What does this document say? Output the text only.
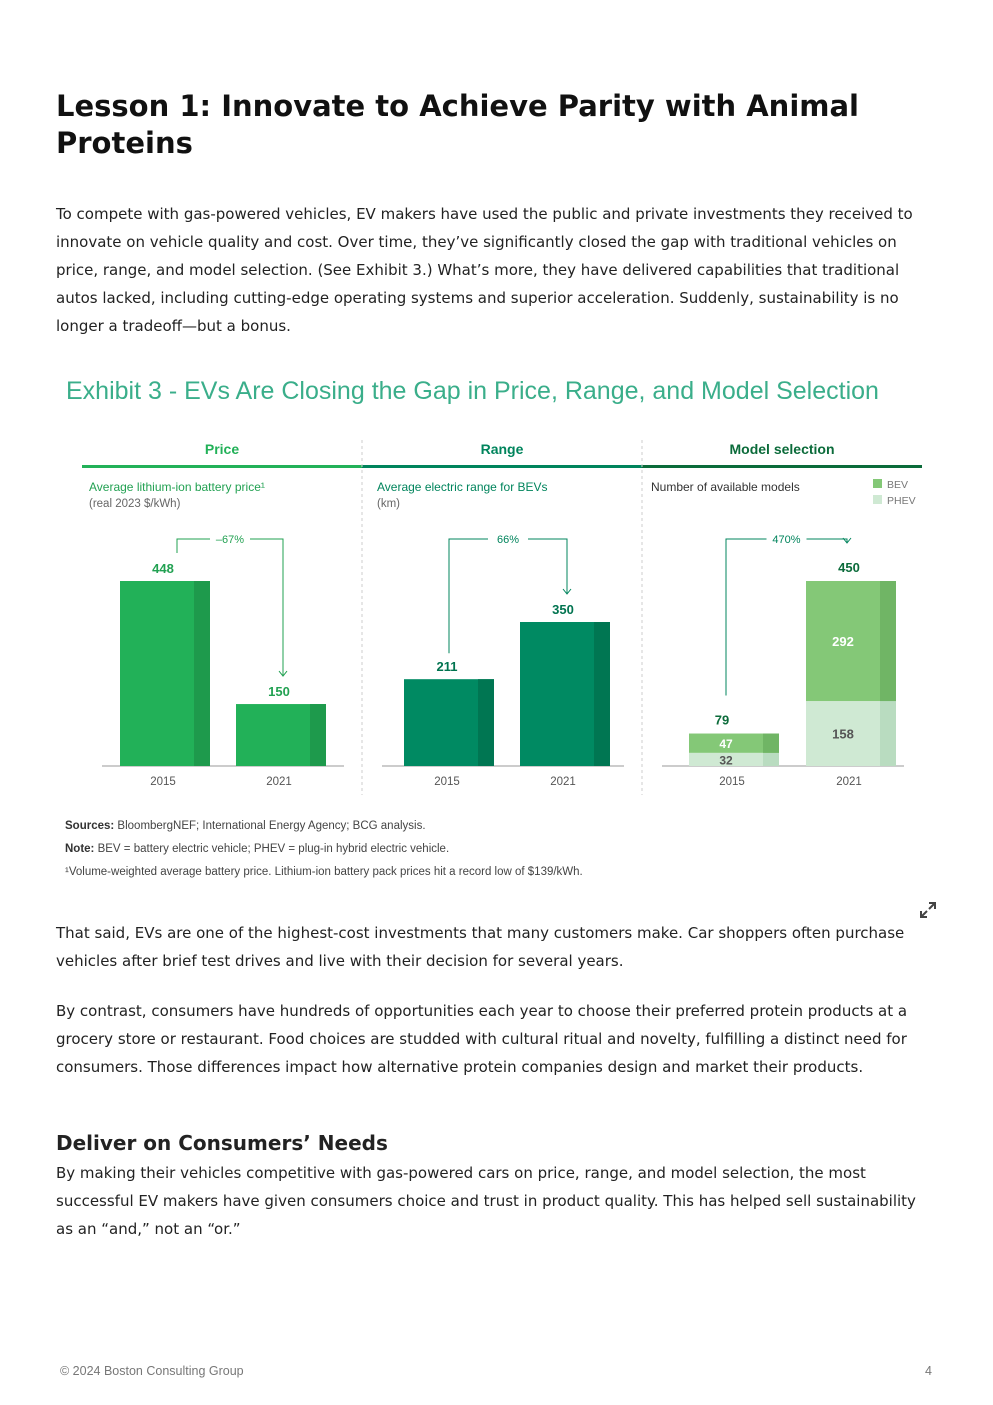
Lesson 1: Innovate to Achieve Parity with Animal Proteins

To compete with gas-powered vehicles, EV makers have used the public and private investments they received to innovate on vehicle quality and cost. Over time, they’ve significantly closed the gap with traditional vehicles on price, range, and model selection. (See Exhibit 3.) What’s more, they have delivered capabilities that traditional autos lacked, including cutting-edge operating systems and superior acceleration. Suddenly, sustainability is no longer a tradeoff—but a bonus.

Exhibit 3 - EVs Are Closing the Gap in Price, Range, and Model Selection
Price
Average lithium-ion battery price¹
(real 2023 $/kWh)
2015	2021
Range
Average electric range for BEVs
(km)
2015	2021
Model selection
Number of available models
2015	2021
448
150
–67%
211
350
66%
32
47
79
158
292
450
BEV
PHEV
470%
Sources: BloombergNEF; International Energy Agency; BCG analysis.
Note: BEV = battery electric vehicle; PHEV = plug-in hybrid electric vehicle.
¹Volume-weighted average battery price. Lithium-ion battery pack prices hit a record low of $139/kWh.

That said, EVs are one of the highest-cost investments that many customers make. Car shoppers often purchase vehicles after brief test drives and live with their decision for several years.

By contrast, consumers have hundreds of opportunities each year to choose their preferred protein products at a grocery store or restaurant. Food choices are studded with cultural ritual and novelty, fulfilling a distinct need for consumers. Those differences impact how alternative protein companies design and market their products.

Deliver on Consumers’ Needs

By making their vehicles competitive with gas-powered cars on price, range, and model selection, the most successful EV makers have given consumers choice and trust in product quality. This has helped sell sustainability as an “and,” not an “or.”

© 2024 Boston Consulting Group	4
